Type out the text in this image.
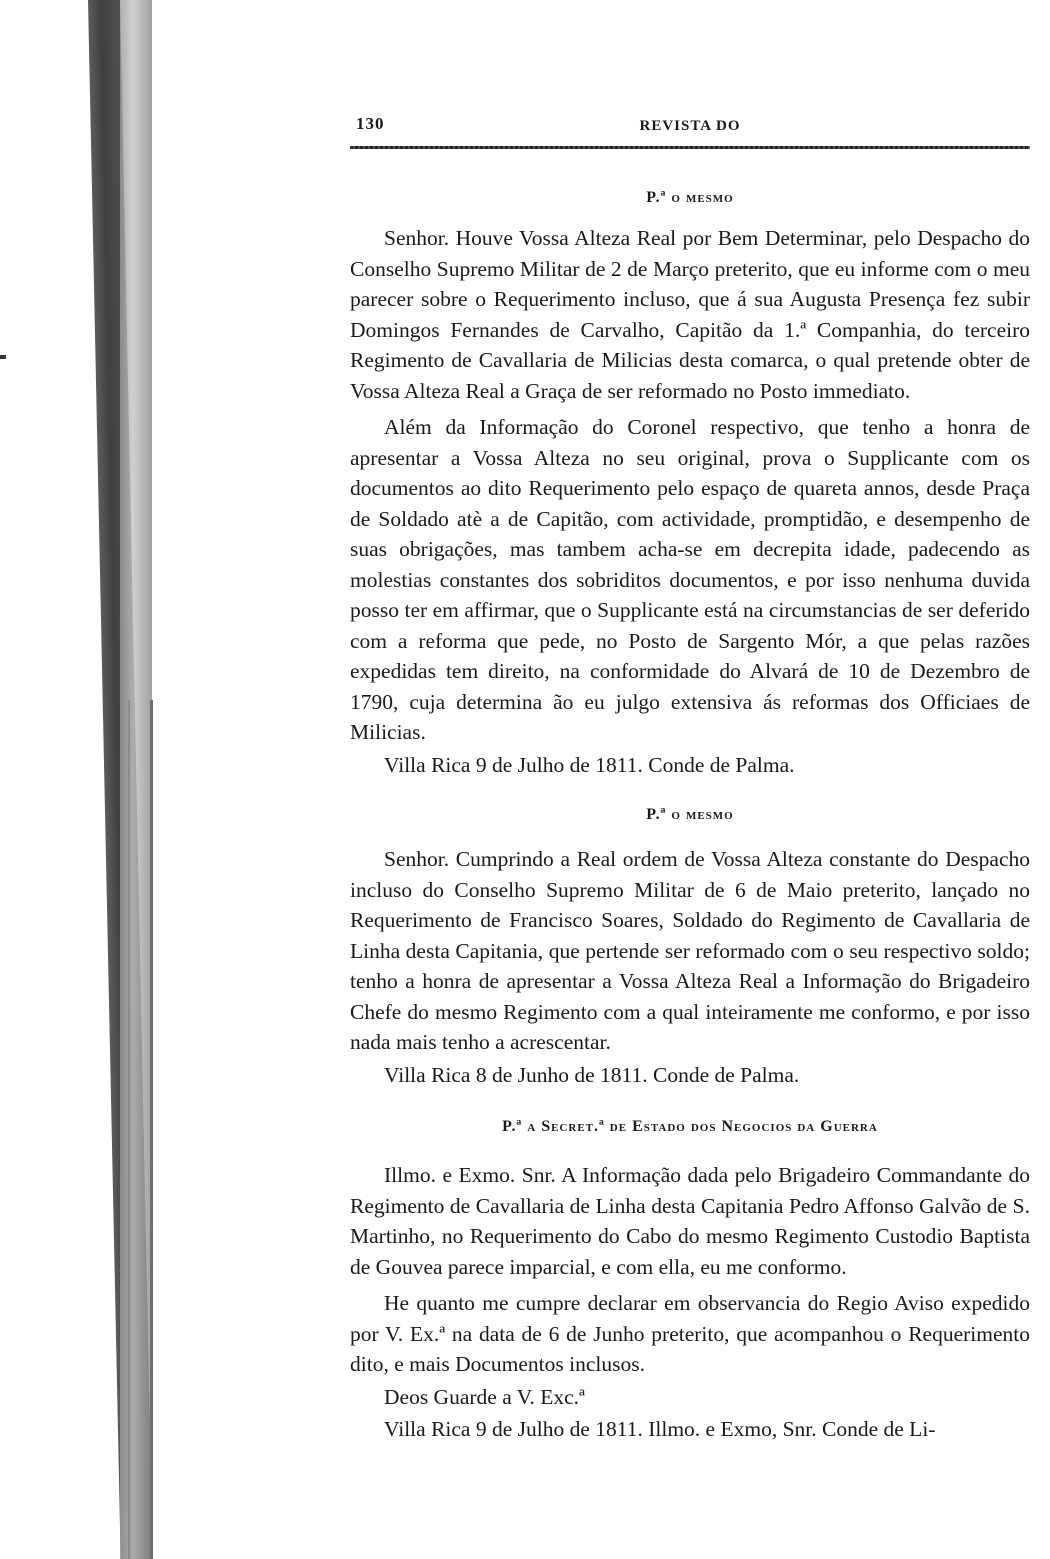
130	REVISTA DO
P.ª o mesmo

Senhor. Houve Vossa Alteza Real por Bem Determinar, pelo Despacho do Conselho Supremo Militar de 2 de Março preterito, que eu informe com o meu parecer sobre o Requerimento incluso, que á sua Augusta Presença fez subir Domingos Fernandes de Carvalho, Capitão da 1.ª Companhia, do terceiro Regimento de Cavallaria de Milicias desta comarca, o qual pretende obter de Vossa Alteza Real a Graça de ser reformado no Posto immediato.

Além da Informação do Coronel respectivo, que tenho a honra de apresentar a Vossa Alteza no seu original, prova o Supplicante com os documentos ao dito Requerimento pelo espaço de quareta annos, desde Praça de Soldado atè a de Capitão, com actividade, promptidão, e desempenho de suas obrigações, mas tambem acha-se em decrepita idade, padecendo as molestias constantes dos sobriditos documentos, e por isso nenhuma duvida posso ter em affirmar, que o Supplicante está na circumstancias de ser deferido com a reforma que pede, no Posto de Sargento Mór, a que pelas razões expedidas tem direito, na conformidade do Alvará de 10 de Dezembro de 1790, cuja determina ão eu julgo extensiva ás reformas dos Officiaes de Milicias.

Villa Rica 9 de Julho de 1811. Conde de Palma.

P.ª o mesmo

Senhor. Cumprindo a Real ordem de Vossa Alteza constante do Despacho incluso do Conselho Supremo Militar de 6 de Maio preterito, lançado no Requerimento de Francisco Soares, Soldado do Regimento de Cavallaria de Linha desta Capitania, que pertende ser reformado com o seu respectivo soldo; tenho a honra de apresentar a Vossa Alteza Real a Informação do Brigadeiro Chefe do mesmo Regimento com a qual inteiramente me conformo, e por isso nada mais tenho a acrescentar.

Villa Rica 8 de Junho de 1811. Conde de Palma.

P.ª a Secret.ª de Estado dos Negocios da Guerra

Illmo. e Exmo. Snr. A Informação dada pelo Brigadeiro Commandante do Regimento de Cavallaria de Linha desta Capitania Pedro Affonso Galvão de S. Martinho, no Requerimento do Cabo do mesmo Regimento Custodio Baptista de Gouvea parece imparcial, e com ella, eu me conformo.

He quanto me cumpre declarar em observancia do Regio Aviso expedido por V. Ex.ª na data de 6 de Junho preterito, que acompanhou o Requerimento dito, e mais Documentos inclusos.

Deos Guarde a V. Exc.ª

Villa Rica 9 de Julho de 1811. Illmo. e Exmo, Snr. Conde de Li-
